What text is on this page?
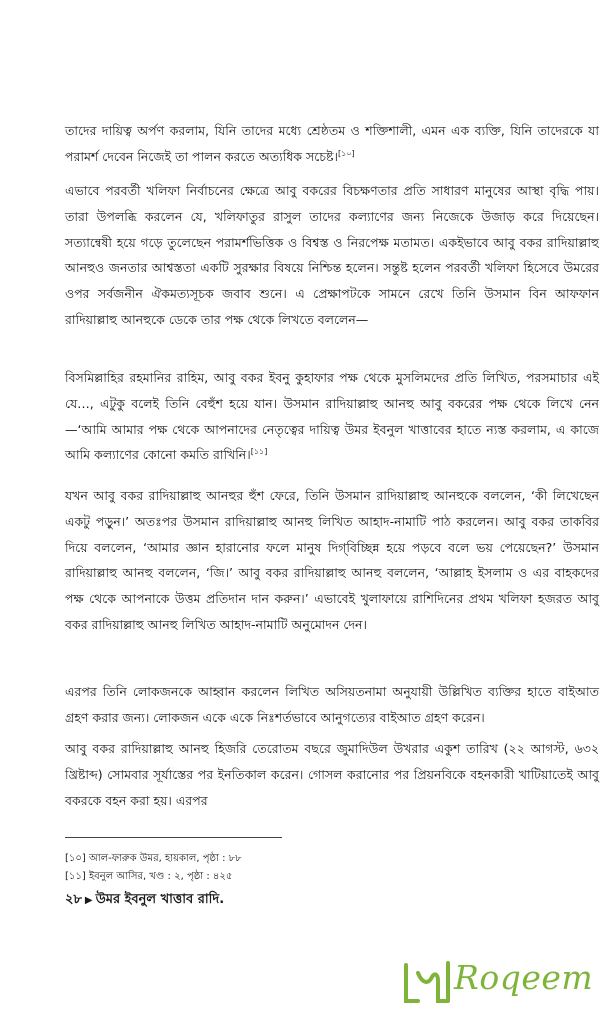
তাদের দায়িত্ব অর্পণ করলাম, যিনি তাদের মধ্যে শ্রেষ্ঠতম ও শক্তিশালী, এমন এক ব্যক্তি, যিনি তাদেরকে যা পরামর্শ দেবেন নিজেই তা পালন করতে অত্যধিক সচেষ্ট।[১০]

এভাবে পরবর্তী খলিফা নির্বাচনের ক্ষেত্রে আবু বকরের বিচক্ষণতার প্রতি সাধারণ মানুষের আস্থা বৃদ্ধি পায়। তারা উপলব্ধি করলেন যে, খলিফাতুর রাসুল তাদের কল্যাণের জন্য নিজেকে উজাড় করে দিয়েছেন। সত্যান্বেষী হয়ে গড়ে তুলেছেন পরামর্শভিত্তিক ও বিশ্বস্ত ও নিরপেক্ষ মতামত। একইভাবে আবু বকর রাদিয়াল্লাহু আনহুও জনতার আশ্বস্ততা একটি সুরক্ষার বিষয়ে নিশ্চিন্ত হলেন। সন্তুষ্ট হলেন পরবর্তী খলিফা হিসেবে উমরের ওপর সর্বজনীন ঐকমত্যসূচক জবাব শুনে। এ প্রেক্ষাপটকে সামনে রেখে তিনি উসমান বিন আফফান রাদিয়াল্লাহু আনহুকে ডেকে তার পক্ষ থেকে লিখতে বললেন—

বিসমিল্লাহির রহমানির রাহিম, আবু বকর ইবনু কুহাফার পক্ষ থেকে মুসলিমদের প্রতি লিখিত, পরসমাচার এই যে…, এটুকু বলেই তিনি বেহুঁশ হয়ে যান। উসমান রাদিয়াল্লাহু আনহু আবু বকরের পক্ষ থেকে লিখে নেন—‘আমি আমার পক্ষ থেকে আপনাদের নেতৃত্বের দায়িত্ব উমর ইবনুল খাত্তাবের হাতে ন্যস্ত করলাম, এ কাজে আমি কল্যাণের কোনো কমতি রাখিনি।[১১]

যখন আবু বকর রাদিয়াল্লাহু আনহুর হুঁশ ফেরে, তিনি উসমান রাদিয়াল্লাহু আনহুকে বললেন, ‘কী লিখেছেন একটু পড়ুন।’ অতঃপর উসমান রাদিয়াল্লাহু আনহু লিখিত আহাদ-নামাটি পাঠ করলেন। আবু বকর তাকবির দিয়ে বললেন, ‘আমার জ্ঞান হারানোর ফলে মানুষ দিগ্‌বিচ্ছিন্ন হয়ে পড়বে বলে ভয় পেয়েছেন?’ উসমান রাদিয়াল্লাহু আনহু বললেন, ‘জি।’ আবু বকর রাদিয়াল্লাহু আনহু বললেন, ‘আল্লাহ ইসলাম ও এর বাহকদের পক্ষ থেকে আপনাকে উত্তম প্রতিদান দান করুন।’ এভাবেই খুলাফায়ে রাশিদিনের প্রথম খলিফা হজরত আবু বকর রাদিয়াল্লাহু আনহু লিখিত আহাদ-নামাটি অনুমোদন দেন।

এরপর তিনি লোকজনকে আহ্বান করলেন লিখিত অসিয়তনামা অনুযায়ী উল্লিখিত ব্যক্তির হাতে বাইআত গ্রহণ করার জন্য। লোকজন একে একে নিঃশর্তভাবে আনুগত্যের বাইআত গ্রহণ করেন।

আবু বকর রাদিয়াল্লাহু আনহু হিজরি তেরোতম বছরে জুমাদিউল উখরার একুশ তারিখ (২২ আগস্ট, ৬৩২ খ্রিষ্টাব্দ) সোমবার সূর্যাস্তের পর ইনতিকাল করেন। গোসল করানোর পর প্রিয়নবিকে বহনকারী খাটিয়াতেই আবু বকরকে বহন করা হয়। এরপর

[১০] আল-ফারুক উমর, হায়কাল, পৃষ্ঠা : ৮৮
[১১] ইবনুল আসির, খণ্ড : ২, পৃষ্ঠা : ৪২৫
২৮ ▶ উমর ইবনুল খাত্তাব রাদি.
Roqeem
